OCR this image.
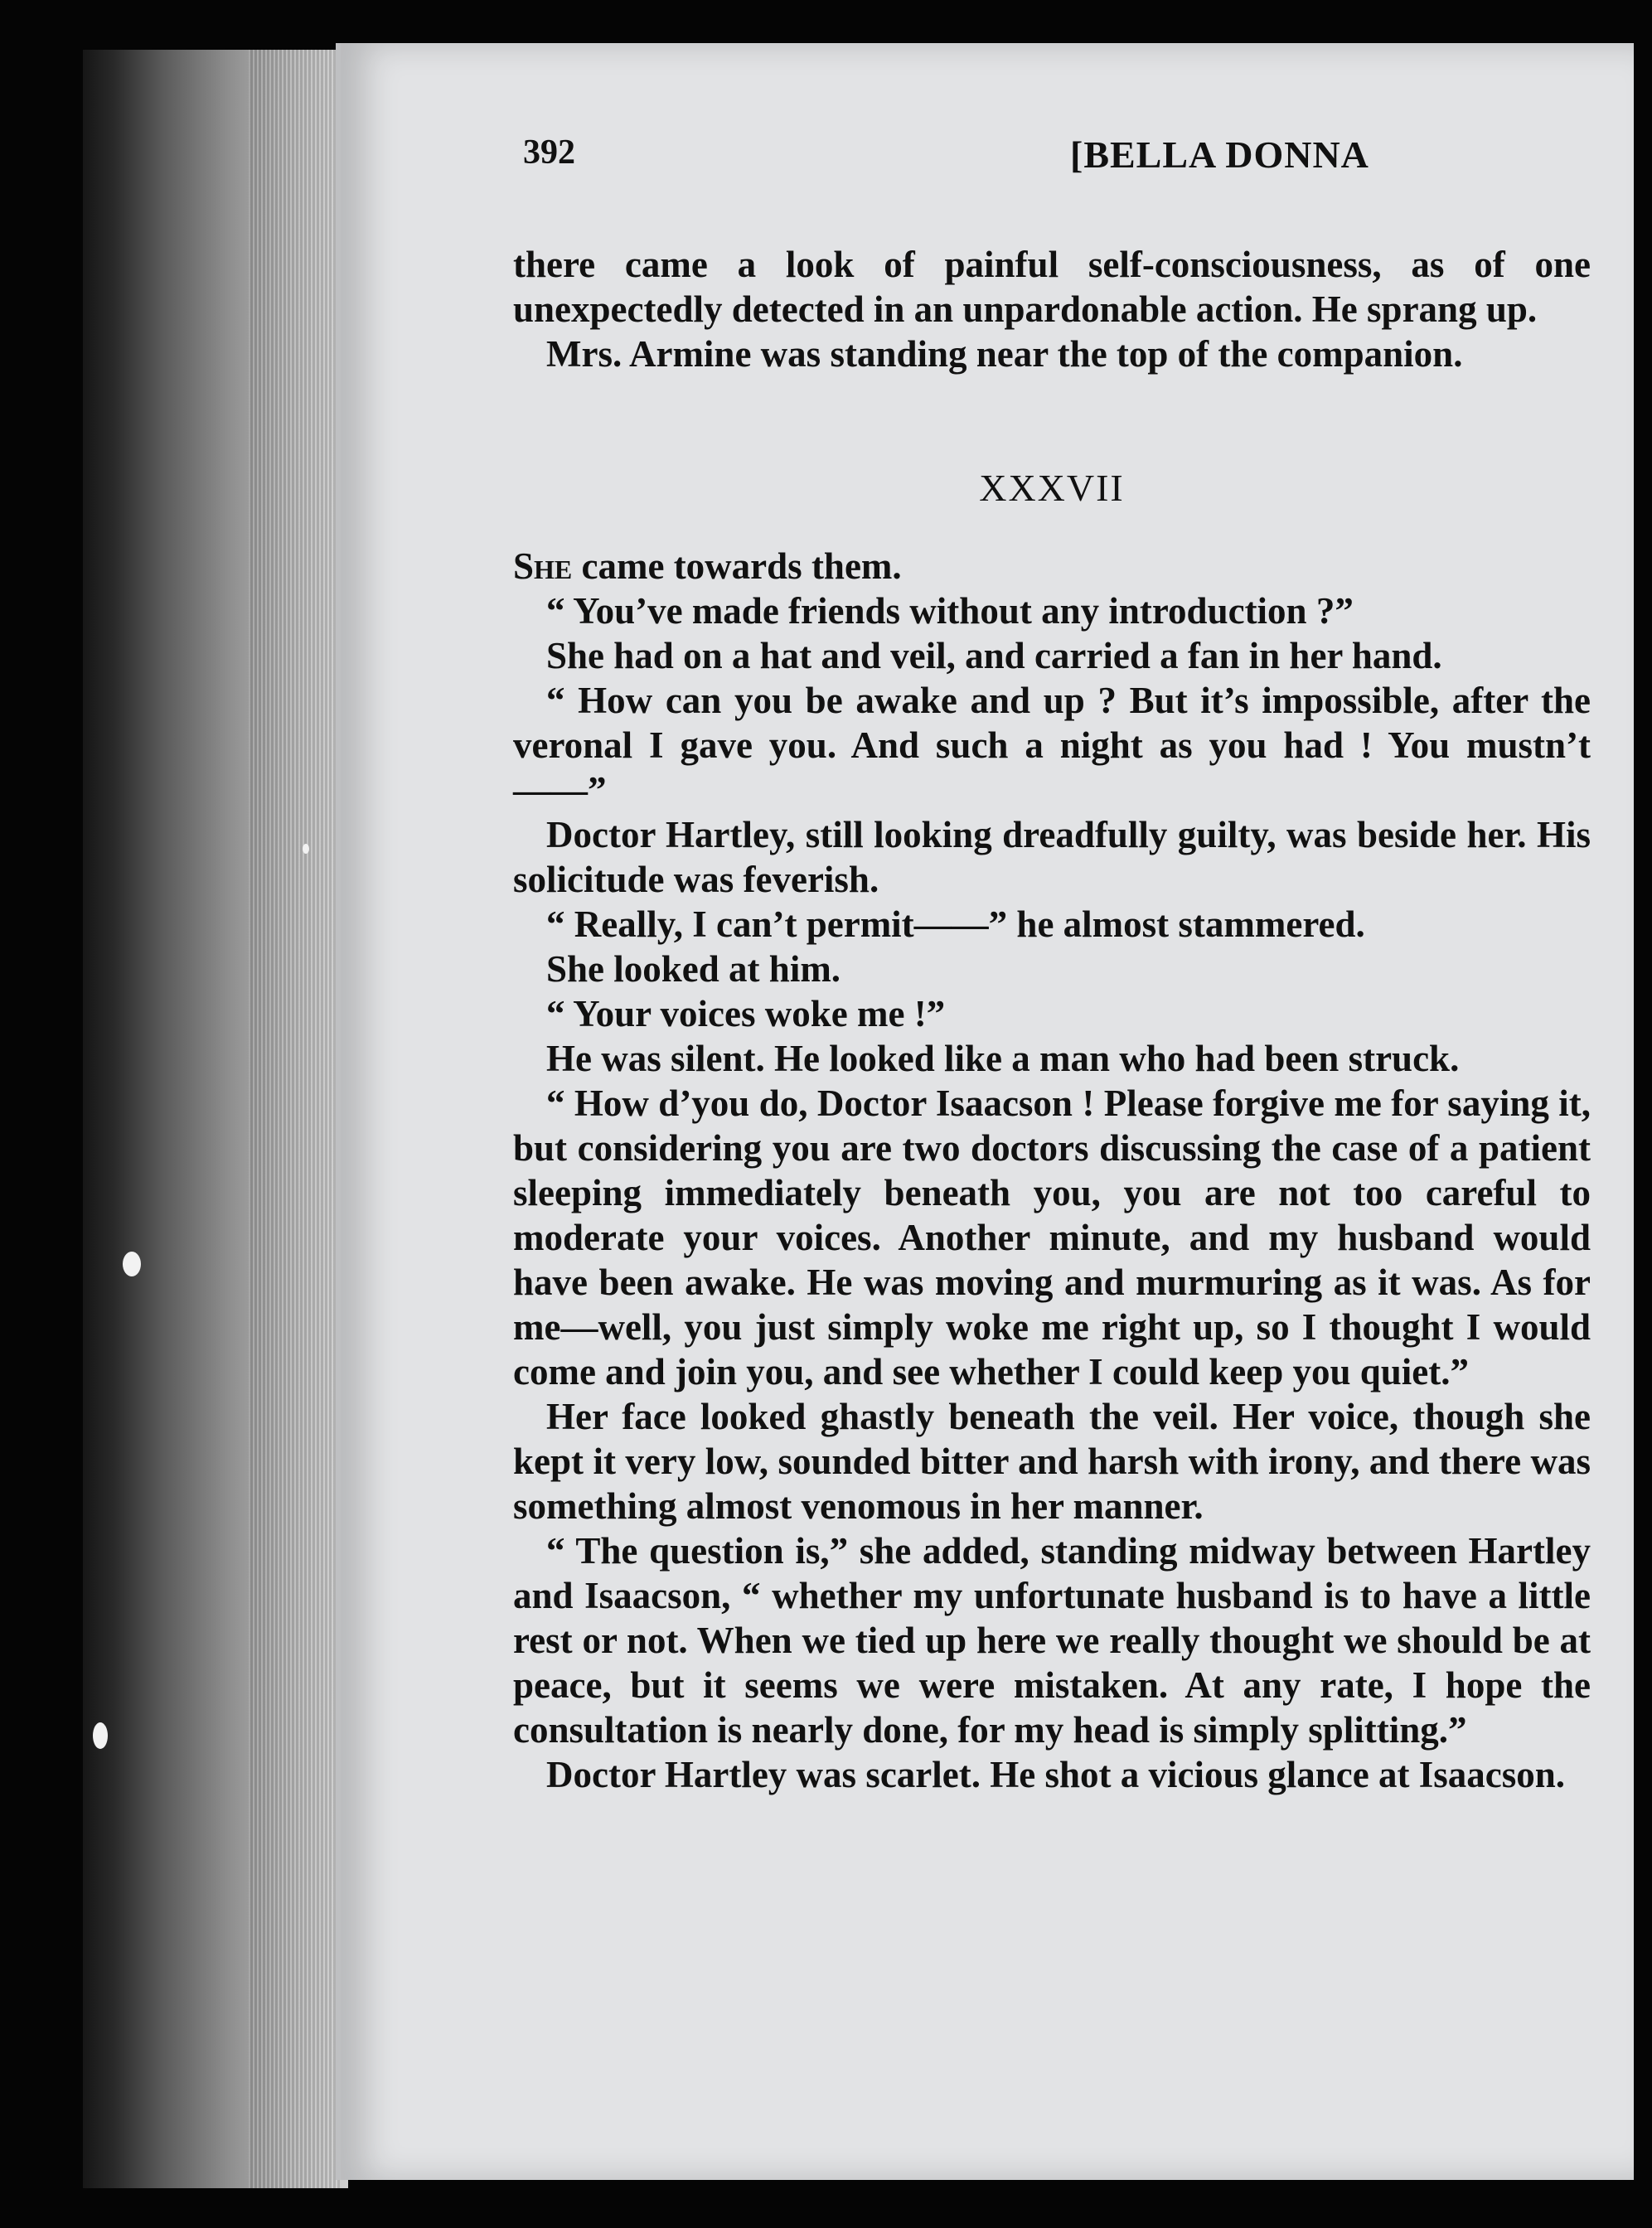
392	[BELLA DONNA

there came a look of painful self-consciousness, as of one unexpectedly detected in an unpardonable action. He sprang up.

Mrs. Armine was standing near the top of the companion.

XXXVII

She came towards them.

“ You’ve made friends without any introduction ?”

She had on a hat and veil, and carried a fan in her hand.

“ How can you be awake and up ? But it’s impossible, after the veronal I gave you. And such a night as you had ! You mustn’t——”

Doctor Hartley, still looking dreadfully guilty, was beside her. His solicitude was feverish.

“ Really, I can’t permit——” he almost stammered.

She looked at him.

“ Your voices woke me !”

He was silent. He looked like a man who had been struck.

“ How d’you do, Doctor Isaacson ! Please forgive me for saying it, but considering you are two doctors discussing the case of a patient sleeping immediately beneath you, you are not too careful to moderate your voices. Another minute, and my husband would have been awake. He was moving and murmuring as it was. As for me—well, you just simply woke me right up, so I thought I would come and join you, and see whether I could keep you quiet.”

Her face looked ghastly beneath the veil. Her voice, though she kept it very low, sounded bitter and harsh with irony, and there was something almost venomous in her manner.

“ The question is,” she added, standing midway between Hartley and Isaacson, “ whether my unfortunate husband is to have a little rest or not. When we tied up here we really thought we should be at peace, but it seems we were mistaken. At any rate, I hope the consultation is nearly done, for my head is simply splitting.”

Doctor Hartley was scarlet. He shot a vicious glance at Isaacson.
